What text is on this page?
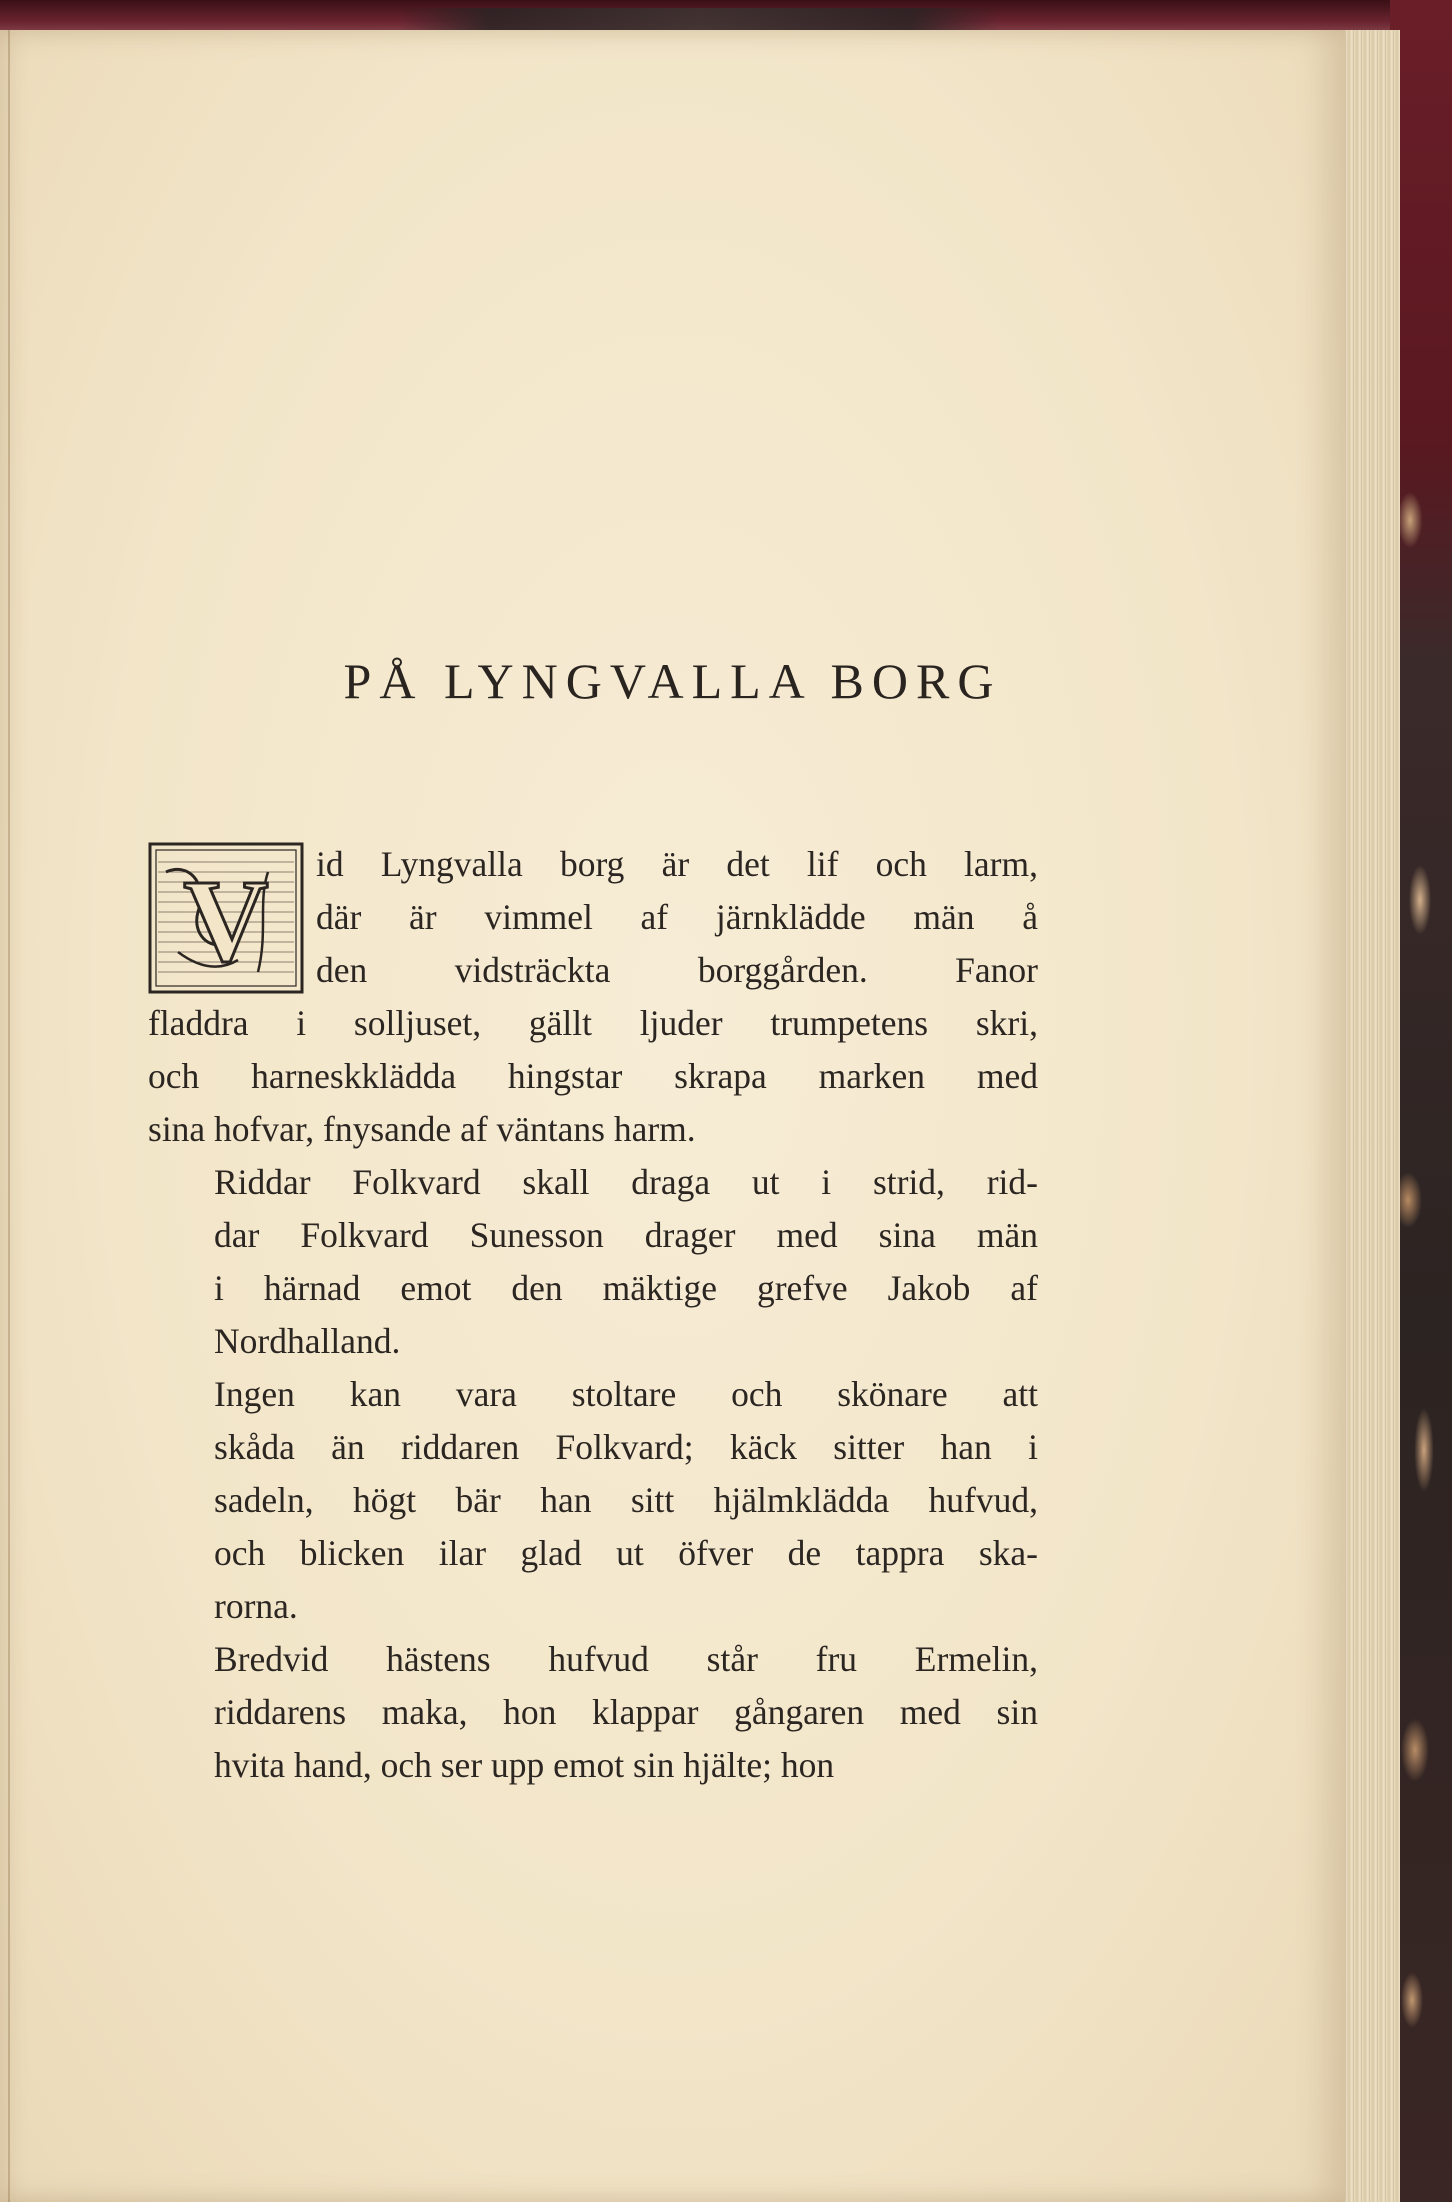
PÅ LYNGVALLA BORG

V	id Lyngvalla borg är det lif och larm,
där är vimmel af järnklädde män å
den vidsträckta borggården. Fanor
fladdra i solljuset, gällt ljuder trumpetens skri,
och harneskklädda hingstar skrapa marken med
sina hofvar, fnysande af väntans harm.

Riddar Folkvard skall draga ut i strid, rid-
dar Folkvard Sunesson drager med sina män
i härnad emot den mäktige grefve Jakob af
Nordhalland.

Ingen kan vara stoltare och skönare att
skåda än riddaren Folkvard; käck sitter han i
sadeln, högt bär han sitt hjälmklädda hufvud,
och blicken ilar glad ut öfver de tappra ska-
rorna.

Bredvid hästens hufvud står fru Ermelin,
riddarens maka, hon klappar gångaren med sin
hvita hand, och ser upp emot sin hjälte; hon
